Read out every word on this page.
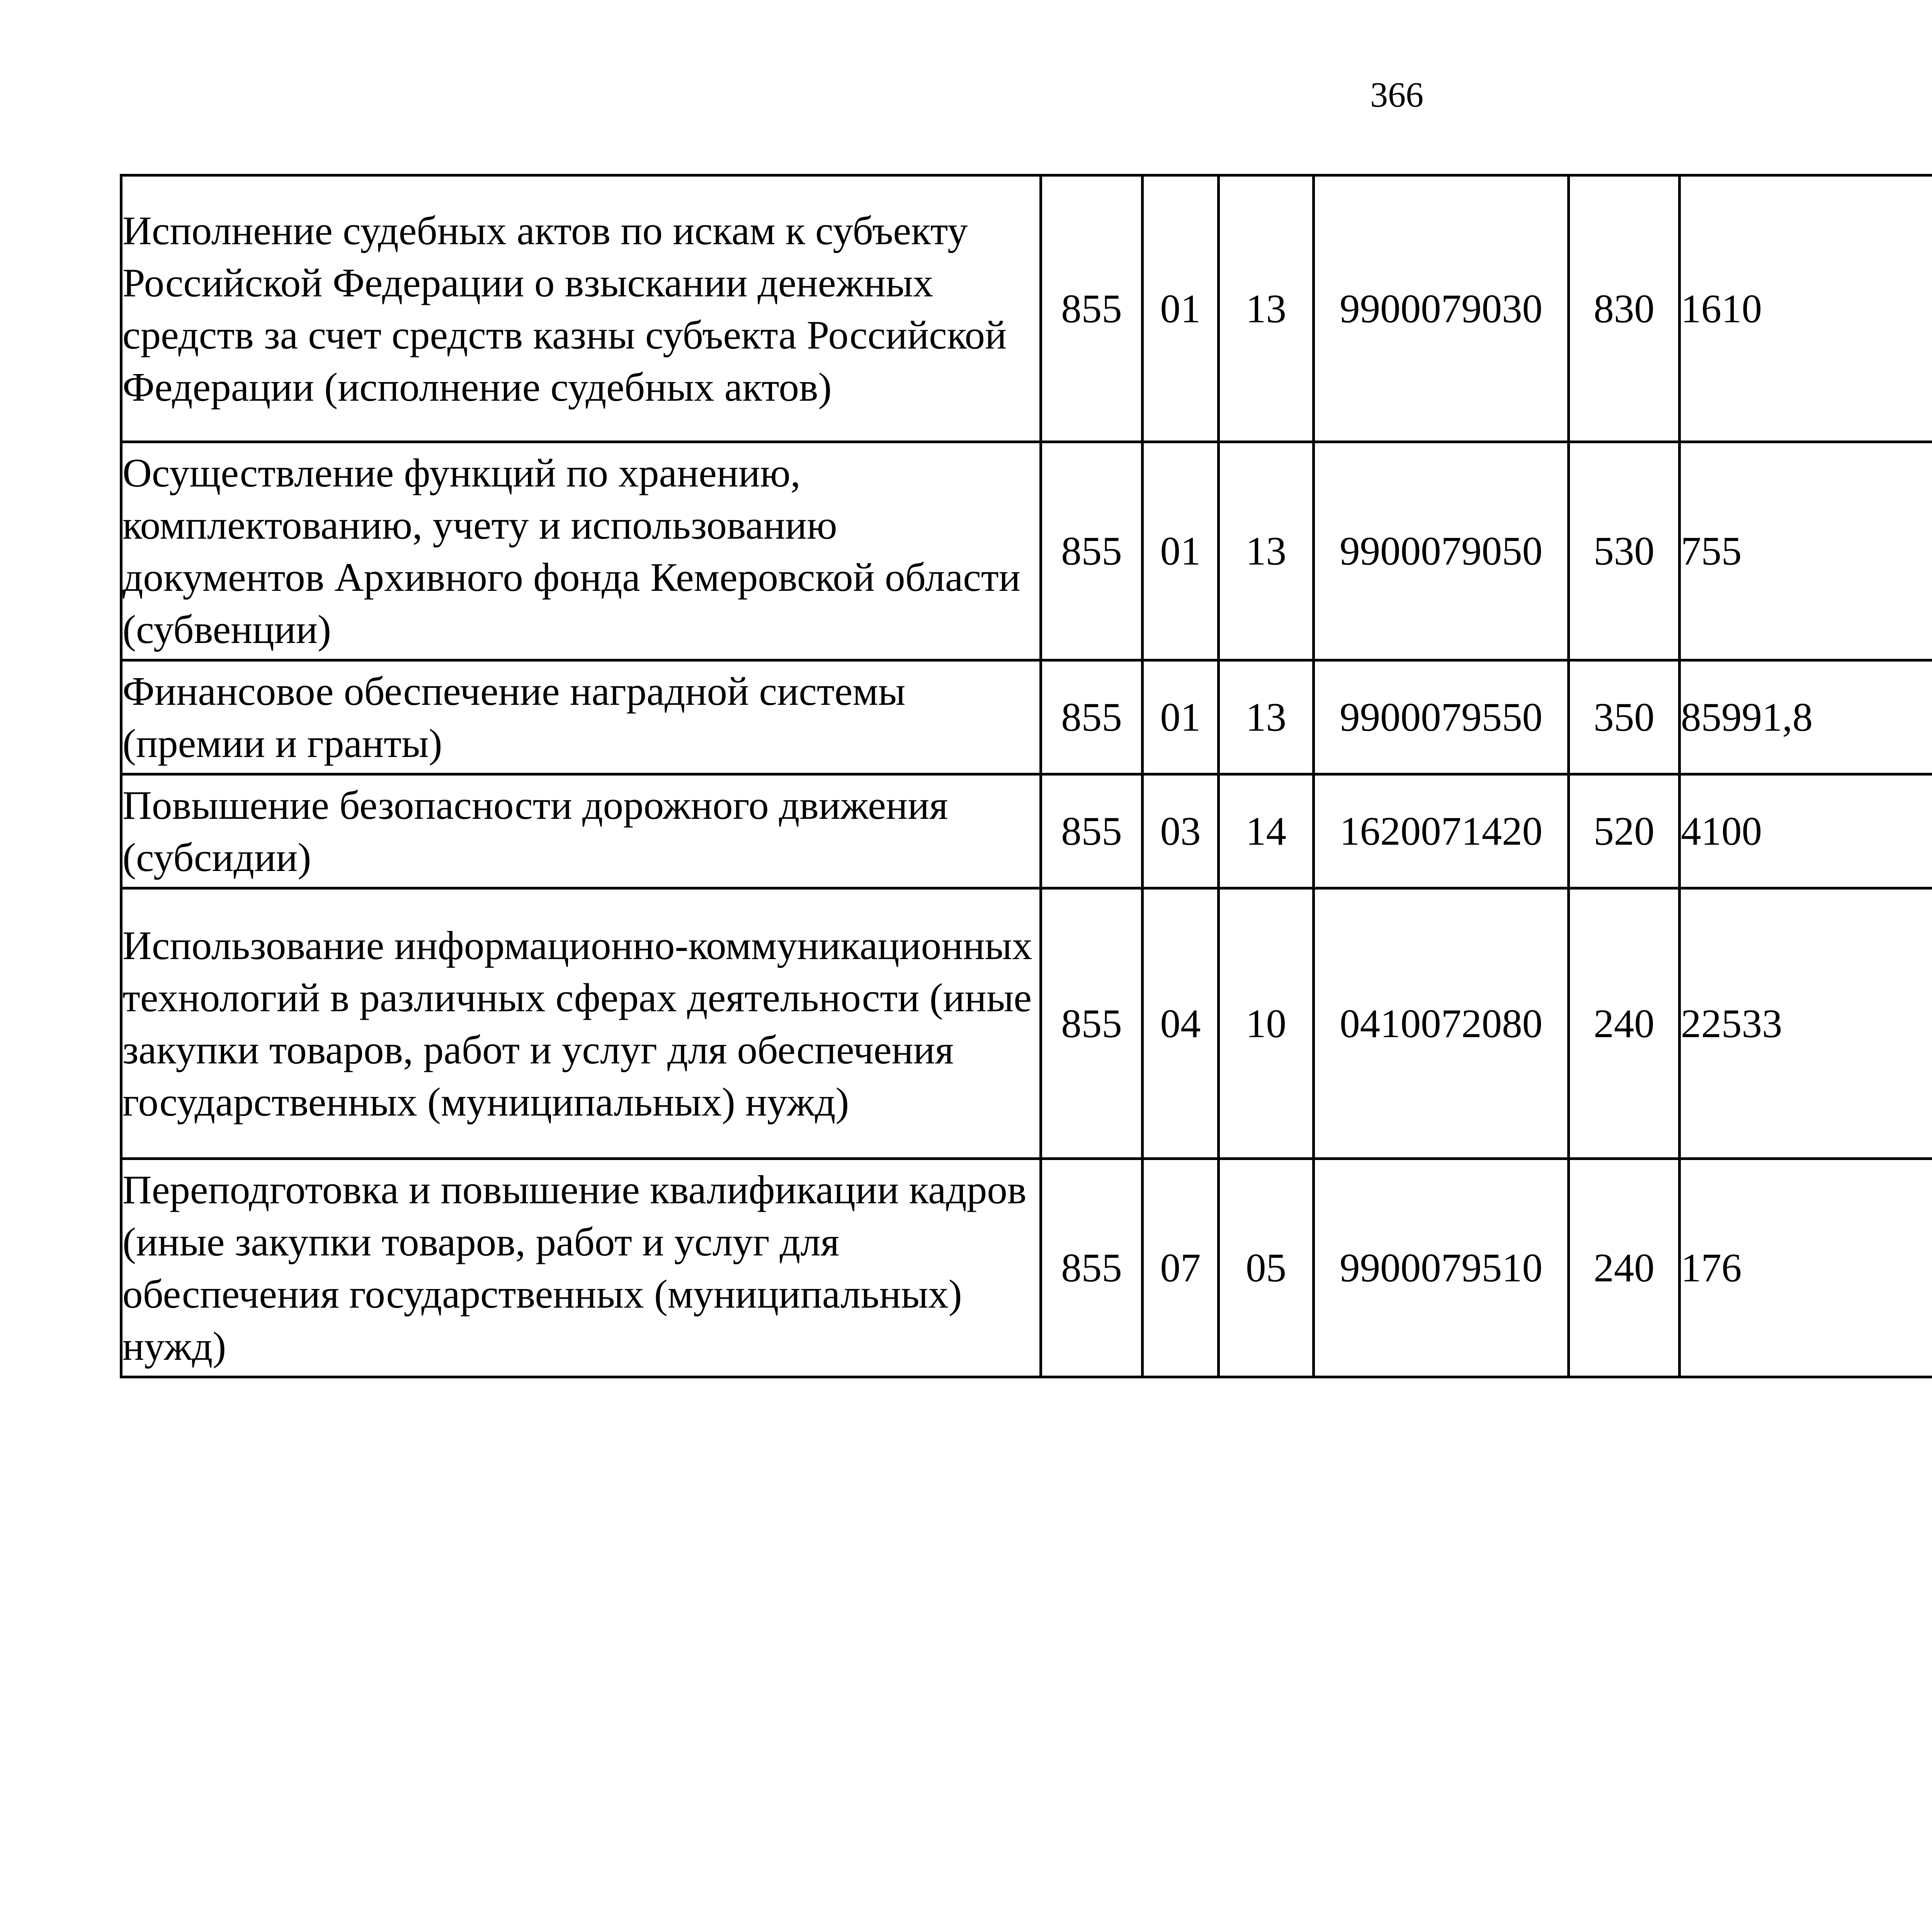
366
Исполнение судебных актов по искам к субъекту Российской Федерации о взыскании денежных средств за счет средств казны субъекта Российской Федерации (исполнение судебных актов)	855	01	13	9900079030	830	1610		
Осуществление функций по хранению, комплектованию, учету и использованию документов Архивного фонда Кемеровской области (субвенции)	855	01	13	9900079050	530	755		
Финансовое обеспечение наградной системы (премии и гранты)	855	01	13	9900079550	350	85991,8		
Повышение безопасности дорожного движения (субсидии)	855	03	14	1620071420	520	4100		
Использование информационно-коммуникационных технологий в различных сферах деятельности (иные закупки товаров, работ и услуг для обеспечения государственных (муниципальных) нужд)	855	04	10	0410072080	240	22533		
Переподготовка и повышение квалификации кадров (иные закупки товаров, работ и услуг для обеспечения государственных (муниципальных) нужд)	855	07	05	9900079510	240	176		
